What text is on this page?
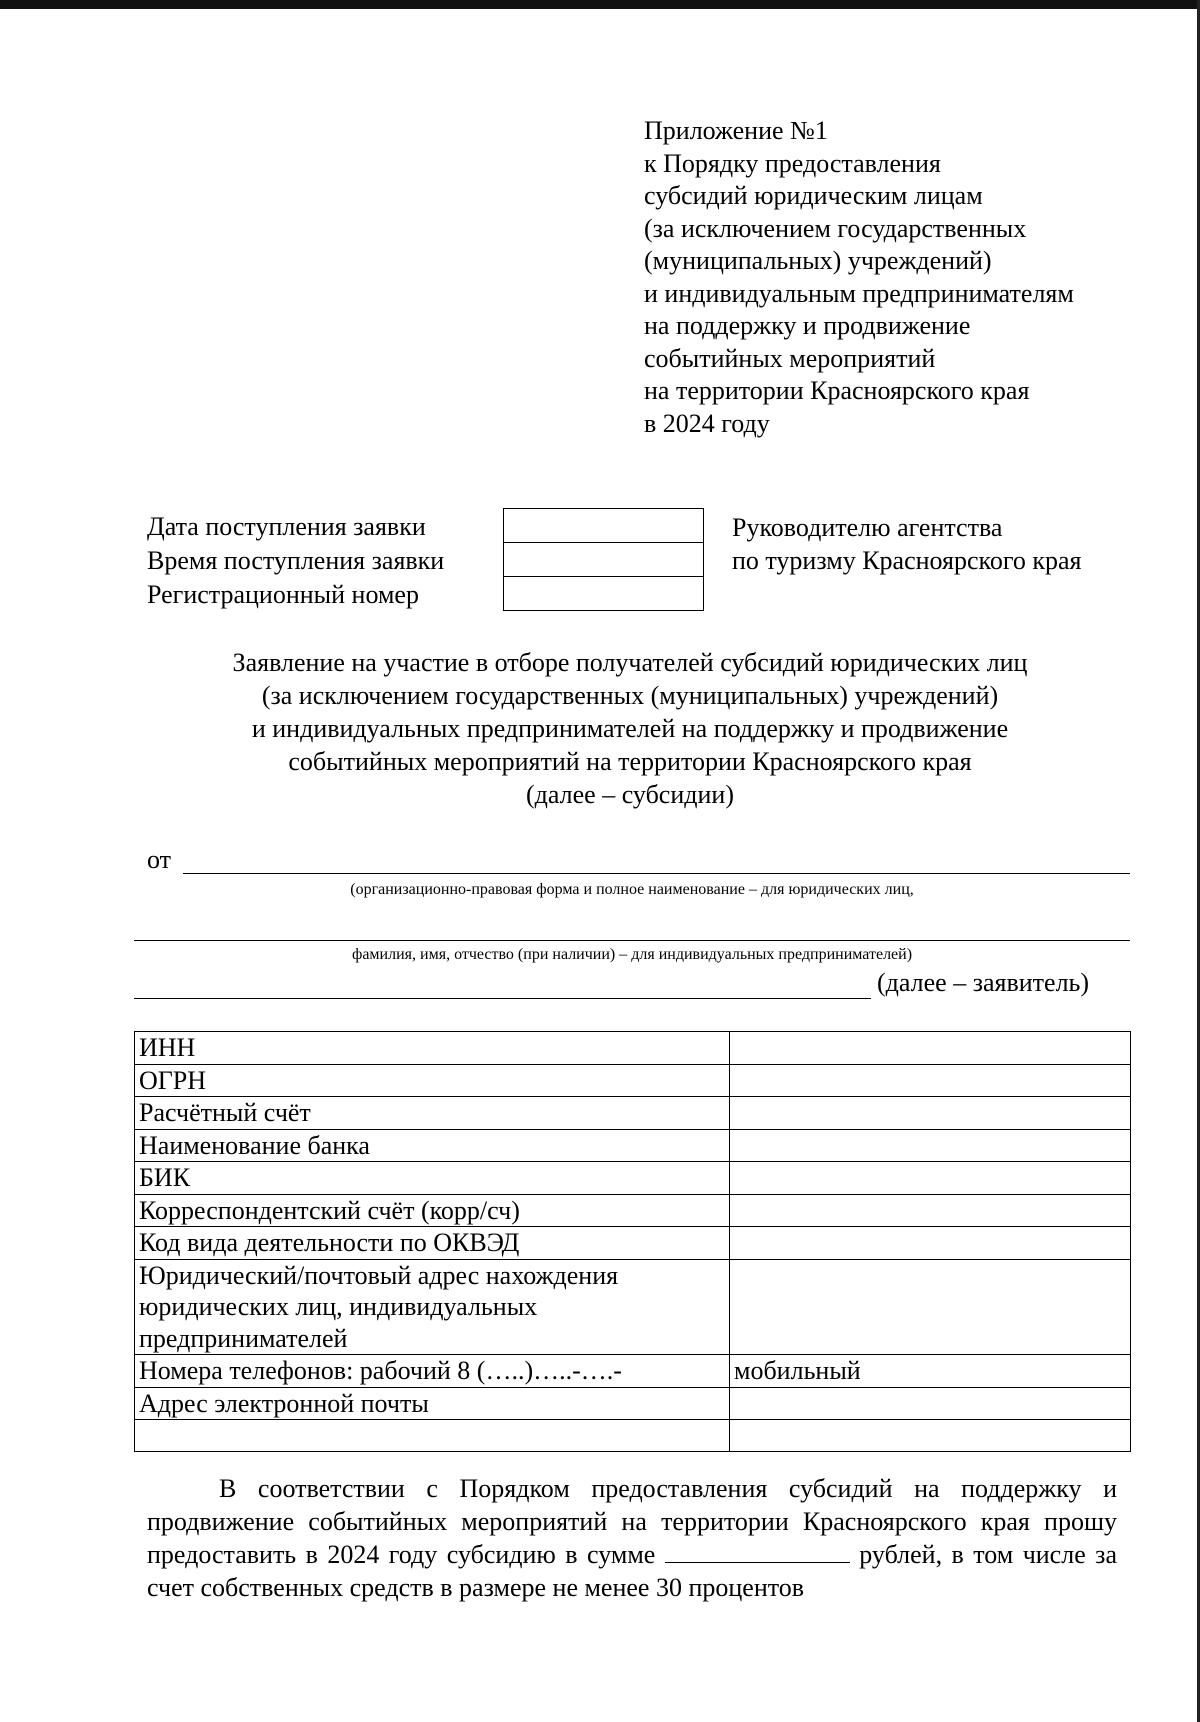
Приложение №1
к Порядку предоставления
субсидий юридическим лицам
(за исключением государственных
(муниципальных) учреждений)
и индивидуальным предпринимателям
на поддержку и продвижение
событийных мероприятий
на территории Красноярского края
в 2024 году
Дата поступления заявки
Время поступления заявки
Регистрационный номер
Руководителю агентства
по туризму Красноярского края
Заявление на участие в отборе получателей субсидий юридических лиц
(за исключением государственных (муниципальных) учреждений)
и индивидуальных предпринимателей на поддержку и продвижение
событийных мероприятий на территории Красноярского края
(далее – субсидии)
от
(организационно-правовая форма и полное наименование – для юридических лиц,
фамилия, имя, отчество (при наличии) – для индивидуальных предпринимателей)
(далее – заявитель)
ИНН	
ОГРН	
Расчётный счёт	
Наименование банка	
БИК	
Корреспондентский счёт (корр/сч)	
Код вида деятельности по ОКВЭД	
Юридический/почтовый адрес нахождения юридических лиц, индивидуальных предпринимателей	
Номера телефонов: рабочий 8 (…..)…..-….-	мобильный
Адрес электронной почты	

В соответствии с Порядком предоставления субсидий на поддержку и продвижение событийных мероприятий на территории Красноярского края прошу предоставить в 2024 году субсидию в сумме	рублей, в том числе за счет собственных средств в размере не менее 30 процентов
